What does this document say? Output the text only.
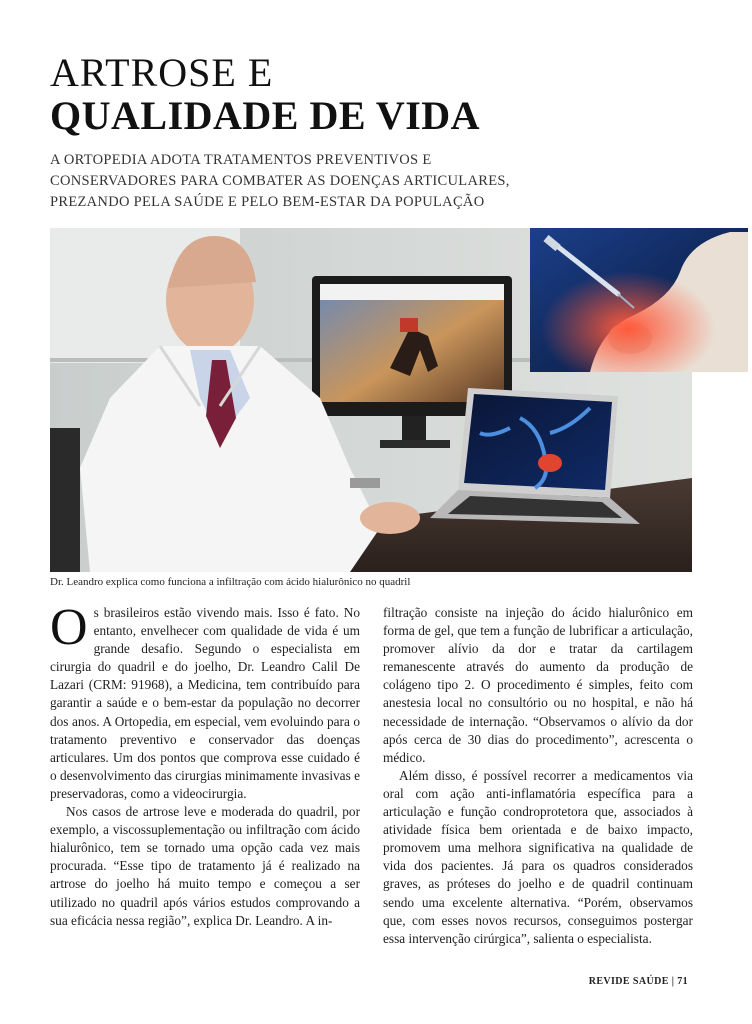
ARTROSE E
QUALIDADE DE VIDA
A ORTOPEDIA ADOTA TRATAMENTOS PREVENTIVOS E
CONSERVADORES PARA COMBATER AS DOENÇAS ARTICULARES,
PREZANDO PELA SAÚDE E PELO BEM-ESTAR DA POPULAÇÃO
Dr. Leandro explica como funciona a infiltração com ácido hialurônico no quadril

Os brasileiros estão vivendo mais. Isso é fato. No entanto, envelhecer com qualidade de vida é um grande desafio. Segundo o especialista em cirurgia do quadril e do joelho, Dr. Leandro Calil De Lazari (CRM: 91968), a Medicina, tem contribuído para garantir a saúde e o bem-estar da população no decorrer dos anos. A Ortopedia, em especial, vem evoluindo para o tratamento preventivo e conservador das doenças articulares. Um dos pontos que comprova esse cuidado é o desenvolvimento das cirurgias minimamente invasivas e preservadoras, como a videocirurgia.

Nos casos de artrose leve e moderada do quadril, por exemplo, a viscossuplementação ou infiltração com ácido hialurônico, tem se tornado uma opção cada vez mais procurada. “Esse tipo de tratamento já é realizado na artrose do joelho há muito tempo e começou a ser utilizado no quadril após vários estudos comprovando a sua eficácia nessa região”, explica Dr. Leandro. A in-

filtração consiste na injeção do ácido hialurônico em forma de gel, que tem a função de lubrificar a articulação, promover alívio da dor e tratar da cartilagem remanescente através do aumento da produção de colágeno tipo 2. O procedimento é simples, feito com anestesia local no consultório ou no hospital, e não há necessidade de internação. “Observamos o alívio da dor após cerca de 30 dias do procedimento”, acrescenta o médico.

Além disso, é possível recorrer a medicamentos via oral com ação anti-inflamatória específica para a articulação e função condroprotetora que, associados à atividade física bem orientada e de baixo impacto, promovem uma melhora significativa na qualidade de vida dos pacientes. Já para os quadros considerados graves, as próteses do joelho e de quadril continuam sendo uma excelente alternativa. “Porém, observamos que, com esses novos recursos, conseguimos postergar essa intervenção cirúrgica”, salienta o especialista.

REVIDE SAÚDE | 71
